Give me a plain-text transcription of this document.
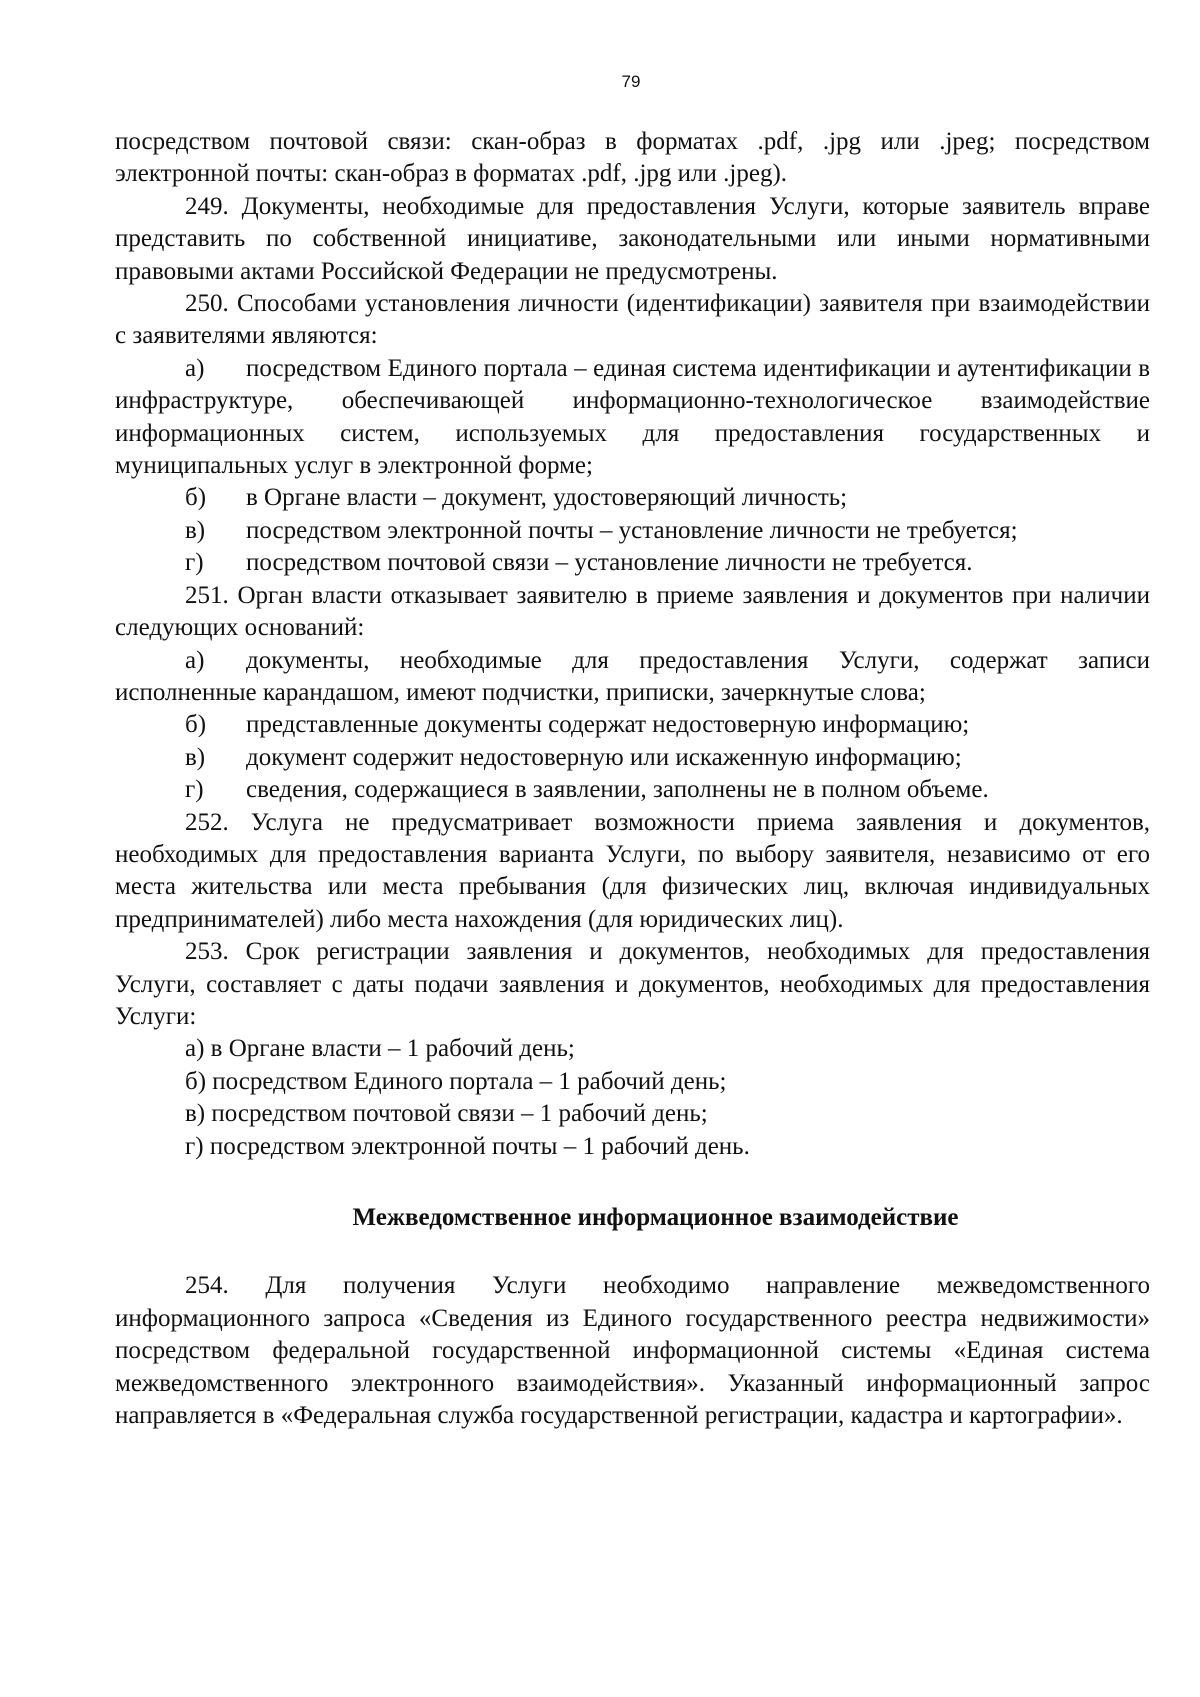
79

посредством почтовой связи: скан-образ в форматах .pdf, .jpg или .jpeg; посредством электронной почты: скан-образ в форматах .pdf, .jpg или .jpeg).

249. Документы, необходимые для предоставления Услуги, которые заявитель вправе представить по собственной инициативе, законодательными или иными нормативными правовыми актами Российской Федерации не предусмотрены.

250. Способами установления личности (идентификации) заявителя при взаимодействии с заявителями являются:

а) посредством Единого портала – единая система идентификации и аутентификации в инфраструктуре, обеспечивающей информационно-технологическое взаимодействие информационных систем, используемых для предоставления государственных и муниципальных услуг в электронной форме;

б)	в Органе власти – документ, удостоверяющий личность;
в)	посредством электронной почты – установление личности не требуется;
г)	посредством почтовой связи – установление личности не требуется.

251. Орган власти отказывает заявителю в приеме заявления и документов при наличии следующих оснований:

а) документы, необходимые для предоставления Услуги, содержат записи исполненные карандашом, имеют подчистки, приписки, зачеркнутые слова;

б)	представленные документы содержат недостоверную информацию;
в)	документ содержит недостоверную или искаженную информацию;
г)	сведения, содержащиеся в заявлении, заполнены не в полном объеме.

252. Услуга не предусматривает возможности приема заявления и документов, необходимых для предоставления варианта Услуги, по выбору заявителя, независимо от его места жительства или места пребывания (для физических лиц, включая индивидуальных предпринимателей) либо места нахождения (для юридических лиц).

253. Срок регистрации заявления и документов, необходимых для предоставления Услуги, составляет с даты подачи заявления и документов, необходимых для предоставления Услуги:

а) в Органе власти – 1 рабочий день;

б) посредством Единого портала – 1 рабочий день;

в) посредством почтовой связи – 1 рабочий день;

г) посредством электронной почты – 1 рабочий день.

Межведомственное информационное взаимодействие

254. Для получения Услуги необходимо направление межведомственного информационного запроса «Сведения из Единого государственного реестра недвижимости» посредством федеральной государственной информационной системы «Единая система межведомственного электронного взаимодействия». Указанный информационный запрос направляется в «Федеральная служба государственной регистрации, кадастра и картографии».
